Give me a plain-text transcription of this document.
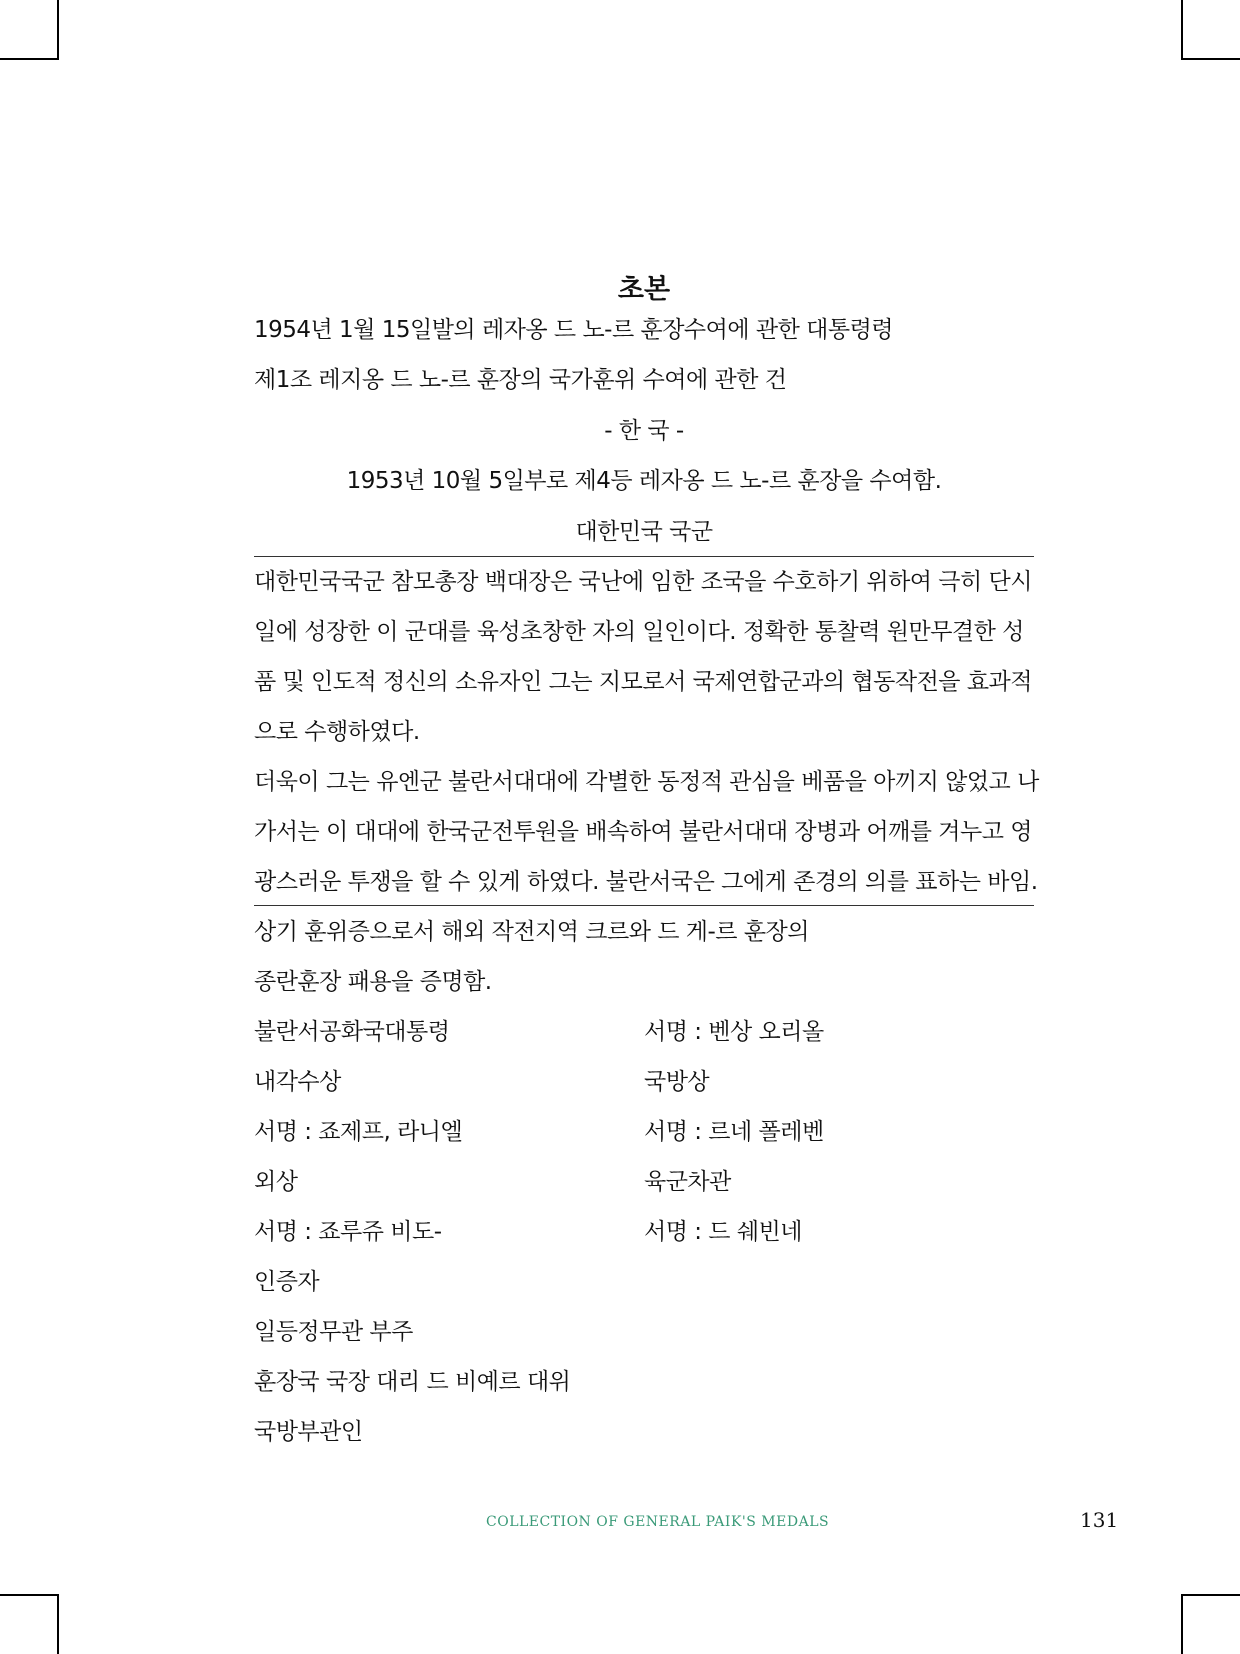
초본
1954년 1월 15일발의 레자옹 드 노-르 훈장수여에 관한 대통령령
제1조 레지옹 드 노-르 훈장의 국가훈위 수여에 관한 건
- 한 국 -
1953년 10월 5일부로 제4등 레자옹 드 노-르 훈장을 수여함.
대한민국 국군
대한민국국군 참모총장 백대장은 국난에 임한 조국을 수호하기 위하여 극히 단시
일에 성장한 이 군대를 육성초창한 자의 일인이다. 정확한 통찰력 원만무결한 성
품 및 인도적 정신의 소유자인 그는 지모로서 국제연합군과의 협동작전을 효과적
으로 수행하였다.
더욱이 그는 유엔군 불란서대대에 각별한 동정적 관심을 베품을 아끼지 않었고 나
가서는 이 대대에 한국군전투원을 배속하여 불란서대대 장병과 어깨를 겨누고 영
광스러운 투쟁을 할 수 있게 하였다. 불란서국은 그에게 존경의 의를 표하는 바임.
상기 훈위증으로서 해외 작전지역 크르와 드 게-르 훈장의
종란훈장 패용을 증명함.
불란서공화국대통령
내각수상
서명 : 죠제프, 라니엘
외상
서명 : 죠루쥬 비도-
인증자
일등정무관 부주
훈장국 국장 대리 드 비예르 대위
국방부관인
서명 : 벤상 오리올
국방상
서명 : 르네 폴레벤
육군차관
서명 : 드 쉐빈네
COLLECTION OF GENERAL PAIK'S MEDALS	131
